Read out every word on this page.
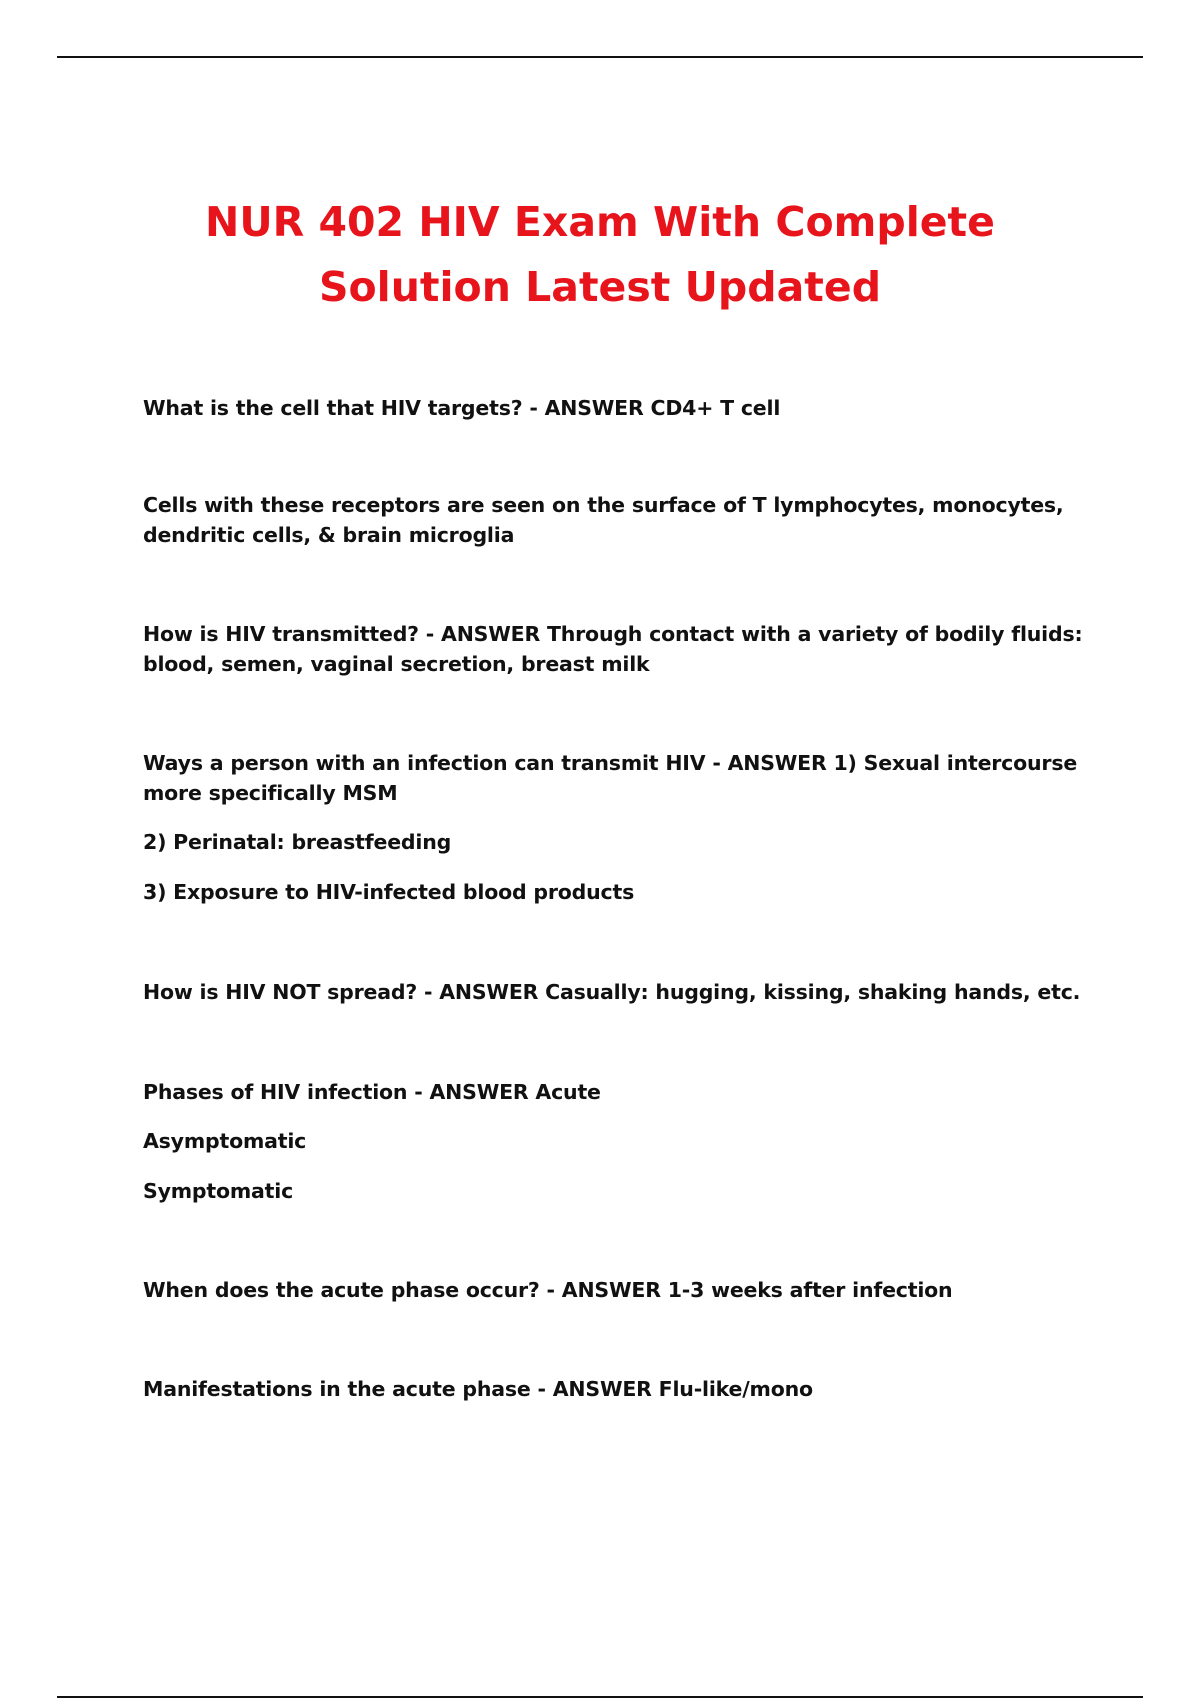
NUR 402 HIV Exam With Complete
Solution Latest Updated

What is the cell that HIV targets? - ANSWER CD4+ T cell

Cells with these receptors are seen on the surface of T lymphocytes, monocytes, dendritic cells, & brain microglia

How is HIV transmitted? - ANSWER Through contact with a variety of bodily fluids: blood, semen, vaginal secretion, breast milk

Ways a person with an infection can transmit HIV - ANSWER 1) Sexual intercourse more specifically MSM

2) Perinatal: breastfeeding

3) Exposure to HIV-infected blood products

How is HIV NOT spread? - ANSWER Casually: hugging, kissing, shaking hands, etc.

Phases of HIV infection - ANSWER Acute

Asymptomatic

Symptomatic

When does the acute phase occur? - ANSWER 1-3 weeks after infection

Manifestations in the acute phase - ANSWER Flu-like/mono
